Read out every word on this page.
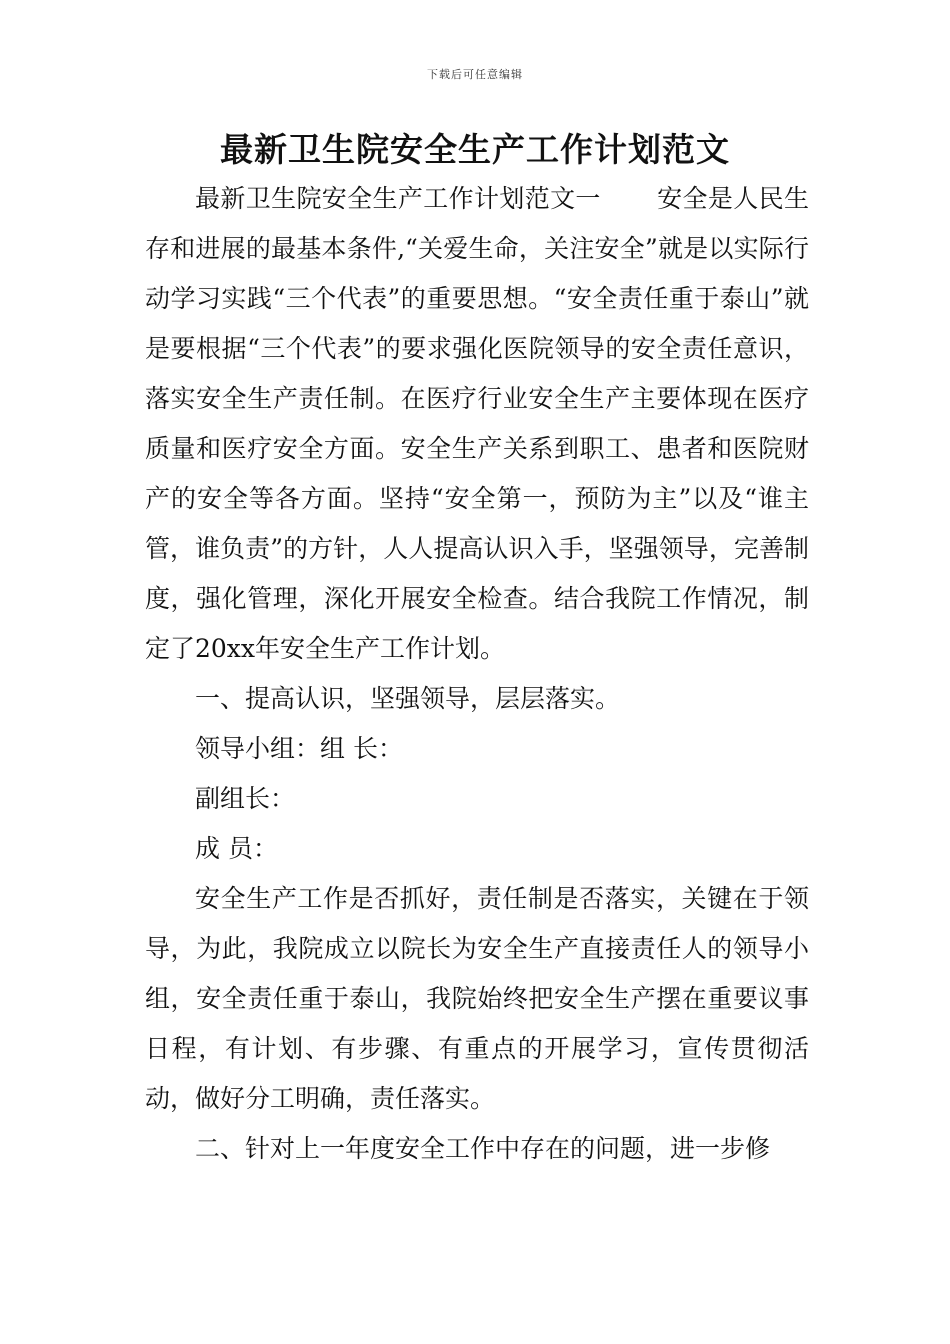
下载后可任意编辑
最新卫生院安全生产工作计划范文

最新卫生院安全生产工作计划范文一 安全是人民生存和进展的最基本条件,“关爱生命，关注安全”就是以实际行动学习实践“三个代表”的重要思想。“安全责任重于泰山”就是要根据“三个代表”的要求强化医院领导的安全责任意识，落实安全生产责任制。在医疗行业安全生产主要体现在医疗质量和医疗安全方面。安全生产关系到职工、患者和医院财产的安全等各方面。坚持“安全第一，预防为主”以及“谁主管，谁负责”的方针，人人提高认识入手，坚强领导，完善制度，强化管理，深化开展安全检查。结合我院工作情况，制定了20xx年安全生产工作计划。

一、提高认识，坚强领导，层层落实。

领导小组：组 长：

副组长：

成 员：

安全生产工作是否抓好，责任制是否落实，关键在于领导，为此，我院成立以院长为安全生产直接责任人的领导小组，安全责任重于泰山，我院始终把安全生产摆在重要议事日程，有计划、有步骤、有重点的开展学习，宣传贯彻活动，做好分工明确，责任落实。

二、针对上一年度安全工作中存在的问题，进一步修
